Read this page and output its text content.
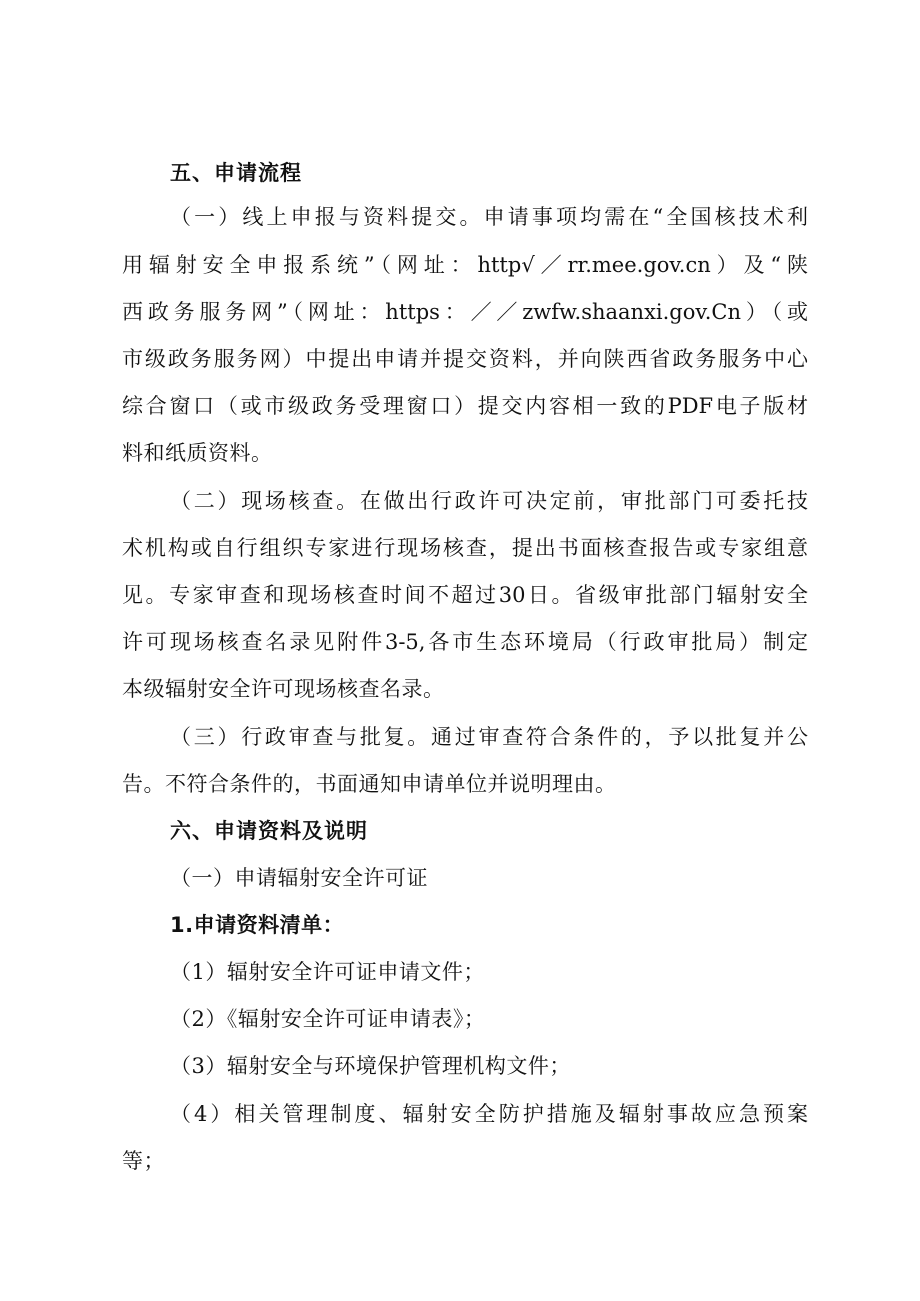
五、申请流程
（一）线上申报与资料提交。申请事项均需在“全国核技术利
用辐射安全申报系统”（网址：http√／rr.mee.gov.cn）及“陕
西政务服务网”（网址：https：／／zwfw.shaanxi.gov.Cn）（或
市级政务服务网）中提出申请并提交资料，并向陕西省政务服务中心
综合窗口（或市级政务受理窗口）提交内容相一致的PDF电子版材
料和纸质资料。
（二）现场核查。在做出行政许可决定前，审批部门可委托技
术机构或自行组织专家进行现场核查，提出书面核查报告或专家组意
见。专家审查和现场核查时间不超过30日。省级审批部门辐射安全
许可现场核查名录见附件3-5,各市生态环境局（行政审批局）制定
本级辐射安全许可现场核查名录。
（三）行政审查与批复。通过审查符合条件的，予以批复并公
告。不符合条件的，书面通知申请单位并说明理由。
六、申请资料及说明
（一）申请辐射安全许可证
1.申请资料清单：
（1）辐射安全许可证申请文件；
（2）《辐射安全许可证申请表》；
（3）辐射安全与环境保护管理机构文件；
（4）相关管理制度、辐射安全防护措施及辐射事故应急预案
等；
